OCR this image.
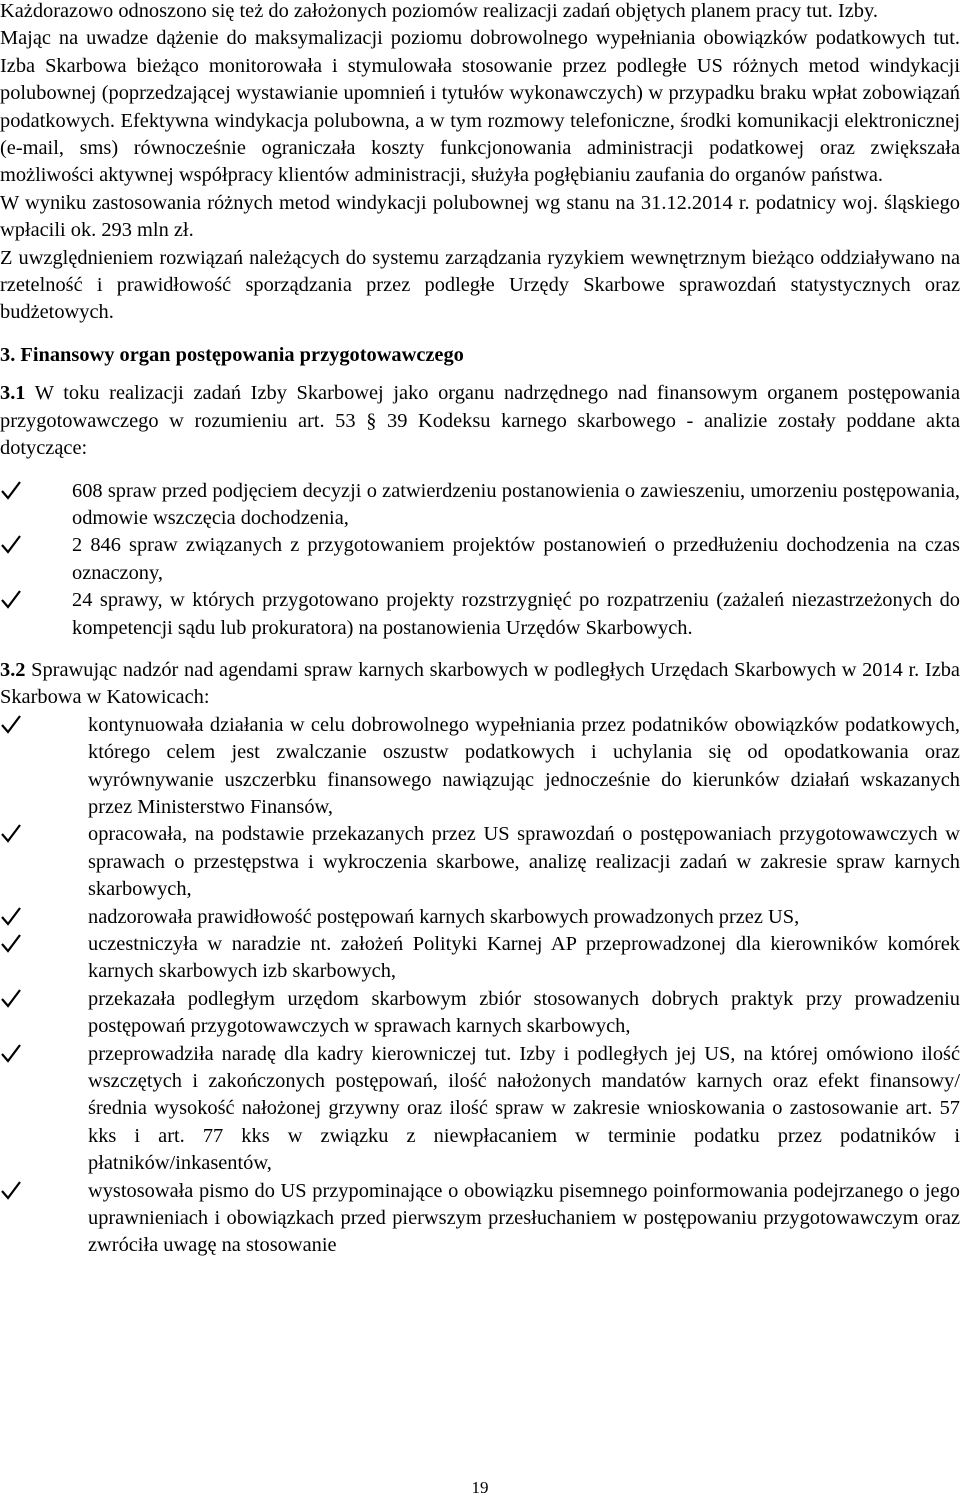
Każdorazowo odnoszono się też do założonych poziomów realizacji zadań objętych planem pracy tut. Izby.

Mając na uwadze dążenie do maksymalizacji poziomu dobrowolnego wypełniania obowiązków podatkowych tut. Izba Skarbowa bieżąco monitorowała i stymulowała stosowanie przez podległe US różnych metod windykacji polubownej (poprzedzającej wystawianie upomnień i tytułów wykonawczych) w przypadku braku wpłat zobowiązań podatkowych. Efektywna windykacja polubowna, a w tym rozmowy telefoniczne, środki komunikacji elektronicznej (e-mail, sms) równocześnie ograniczała koszty funkcjonowania administracji podatkowej oraz zwiększała możliwości aktywnej współpracy klientów administracji, służyła pogłębianiu zaufania do organów państwa.

W wyniku zastosowania różnych metod windykacji polubownej wg stanu na 31.12.2014 r. podatnicy woj. śląskiego wpłacili ok. 293 mln zł.

Z uwzględnieniem rozwiązań należących do systemu zarządzania ryzykiem wewnętrznym bieżąco oddziaływano na rzetelność i prawidłowość sporządzania przez podległe Urzędy Skarbowe sprawozdań statystycznych oraz budżetowych.

3. Finansowy organ postępowania przygotowawczego

3.1 W toku realizacji zadań Izby Skarbowej jako organu nadrzędnego nad finansowym organem postępowania przygotowawczego w rozumieniu art. 53 § 39 Kodeksu karnego skarbowego - analizie zostały poddane akta dotyczące:

608 spraw przed podjęciem decyzji o zatwierdzeniu postanowienia o zawieszeniu, umorzeniu postępowania, odmowie wszczęcia dochodzenia,
2 846 spraw związanych z przygotowaniem projektów postanowień o przedłużeniu dochodzenia na czas oznaczony,
24 sprawy, w których przygotowano projekty rozstrzygnięć po rozpatrzeniu (zażaleń niezastrzeżonych do kompetencji sądu lub prokuratora) na postanowienia Urzędów Skarbowych.

3.2 Sprawując nadzór nad agendami spraw karnych skarbowych w podległych Urzędach Skarbowych w 2014 r. Izba Skarbowa w Katowicach:

kontynuowała działania w celu dobrowolnego wypełniania przez podatników obowiązków podatkowych, którego celem jest zwalczanie oszustw podatkowych i uchylania się od opodatkowania oraz wyrównywanie uszczerbku finansowego nawiązując jednocześnie do kierunków działań wskazanych przez Ministerstwo Finansów,
opracowała, na podstawie przekazanych przez US sprawozdań o postępowaniach przygotowawczych w sprawach o przestępstwa i wykroczenia skarbowe, analizę realizacji zadań w zakresie spraw karnych skarbowych,
nadzorowała prawidłowość postępowań karnych skarbowych prowadzonych przez US,
uczestniczyła w naradzie nt. założeń Polityki Karnej AP przeprowadzonej dla kierowników komórek karnych skarbowych izb skarbowych,
przekazała podległym urzędom skarbowym zbiór stosowanych dobrych praktyk przy prowadzeniu postępowań przygotowawczych w sprawach karnych skarbowych,
przeprowadziła naradę dla kadry kierowniczej tut. Izby i podległych jej US, na której omówiono ilość wszczętych i zakończonych postępowań, ilość nałożonych mandatów karnych oraz efekt finansowy/średnia wysokość nałożonej grzywny oraz ilość spraw w zakresie wnioskowania o zastosowanie art. 57 kks i art. 77 kks w związku z niewpłacaniem w terminie podatku przez podatników i płatników/inkasentów,
wystosowała pismo do US przypominające o obowiązku pisemnego poinformowania podejrzanego o jego uprawnieniach i obowiązkach przed pierwszym przesłuchaniem w postępowaniu przygotowawczym oraz zwróciła uwagę na stosowanie
19
